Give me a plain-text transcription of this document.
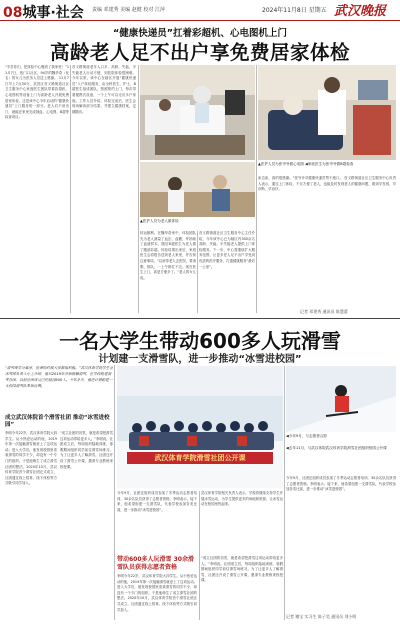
08城事·社会 责编 邓建秀 美编 赵健 校对 江萍	2024年11月8日 星期五 武汉晚报
“健康快递员”扛着彩超机、心电图机上门
高龄老人足不出户享免费居家体检
“辛苦你们，把体检中心搬到了我家里！”11月7日，热门口社区，94岁的魏华奇（化名）的女儿为医务人员送上感谢。 11月7日早上7点30分，武昌区首义路街道社区卫生服务中心家庭医生团队带着彩超机、心电图机等设备上门为高龄老人开展免费居家体检，这是该中心今年启动的“健康快递员”上门服务的一部分。老人们不用出门，就能在家里完成抽血、心电图、B超等检查项目。
首义路街道老年人口多，高龄、失能、半失能老人行动不便，到医院体检很困难。今年以来，该中心在辖区开展“健康快递员”入户体检服务，由全科医生、护士、B超医生组成团队，按照预约上门，每次带着便携式设备，一个上午可以走访多户家庭。工作人员介绍，体检完成后，医生会现场解读部分结果，并建立健康档案，定期随访。
▲医护人员为张爷爷做心电图 ◀家庭医生为张爷爷做B超检查
▲医护人员为老人做体检
转运顺利。在魏华奇家中，体检团队先为老人测量了血压、血糖，并抽取了血液样本，随后B超医生为老人做了腹部彩超。体检结果出来后，家庭医生会将报告送到老人家里，并告知注意事项。“以前带老人去医院，要请假、排队，一上午都忙不完。现在医生上门，真是方便多了。”老人的女儿说。
首义路街道社区卫生服务中心主任介绍，今年该中心已为辖区内300余名高龄、失能、半失能老人提供上门体检服务。下一步，中心将继续扩大服务范围，让更多老人足不出户享受到优质的医疗服务，打通健康服务“最后一公里”。
床边床，真的很感谢。”张爷爷对健康快递员赞不绝口。 首义路街道社区卫生服务中心负责人表示，通过上门体检，不仅方便了老人，也能及时发现老人的健康问题，做到早发现、早诊断、早治疗。
记者 邓建秀 通讯员 陈慧蕾
一名大学生带动600多人玩滑雪
计划建一支滑雪队，进一步推动“冰雪进校园”
“滑雪课学分难拿，抢课的时候大家都很积极。”武汉体育学院学生会冰雪部负责人小王介绍，他从2019年开始接触滑雪，在学校组建滑雪社团，目前社团成员已经超过600人。今年冬天，他还计划组建一支校园滑雪队参加比赛。
成立武汉体院首个滑雪社团 推动“冰雪进校园”
李明今年22岁，武汉体育学院大四学生。从小热爱运动的他，2019年第一次接触滑雪就爱上了这项运动。进入大学后，他发现校园里喜欢滑雪的同学不少，却没有一个专门的组织。于是他萌生了成立滑雪社团的想法。2020年10月，武汉体育学院首个滑雪社团正式成立，社团通过线上招募、线下体验等方式吸引同学加入。
“成立社团的初衷，就是希望把滑雪这项运动带给更多人。”李明说。社团成立后，每周组织陆地训练，寒假期间组织同学前往滑雪场练习。为了让更多人了解滑雪，社团还开设了滑雪公开课，邀请专业教练来校授课。
武汉体育学院滑雪社团公开课
◀今年9月，与志愿者合影
◀去年11月，与武汉体院武汉体育学院滑雪社团组织校园公开课
今年9月，社团还组织成员参加了冬季运动志愿者培训，30余名队员获得了志愿者资格。李明表示，接下来，他希望组建一支滑雪队，代表学校参加各类比赛，进一步推动“冰雪进校园”。
武汉体育学院相关负责人表示，学校将继续支持学生开展冰雪运动，为学生提供更多的场地和资源，让冰雪运动在校园里热起来。
带动600多人玩滑雪 30余滑雪队员获得志愿者资格
李明今年22岁，武汉体育学院大四学生。从小热爱运动的他，2019年第一次接触滑雪就爱上了这项运动。进入大学后，他发现校园里喜欢滑雪的同学不少，却没有一个专门的组织。于是他萌生了成立滑雪社团的想法。2020年10月，武汉体育学院首个滑雪社团正式成立，社团通过线上招募、线下体验等方式吸引同学加入。
“成立社团的初衷，就是希望把滑雪这项运动带给更多人。”李明说。社团成立后，每周组织陆地训练，寒假期间组织同学前往滑雪场练习。为了让更多人了解滑雪，社团还开设了滑雪公开课，邀请专业教练来校授课。
今年9月，社团还组织成员参加了冬季运动志愿者培训，30余名队员获得了志愿者资格。李明表示，接下来，他希望组建一支滑雪队，代表学校参加各类比赛，进一步推动“冰雪进校园”。
记者 谢宝 实习生 陈子昊 通讯员 刘小明
